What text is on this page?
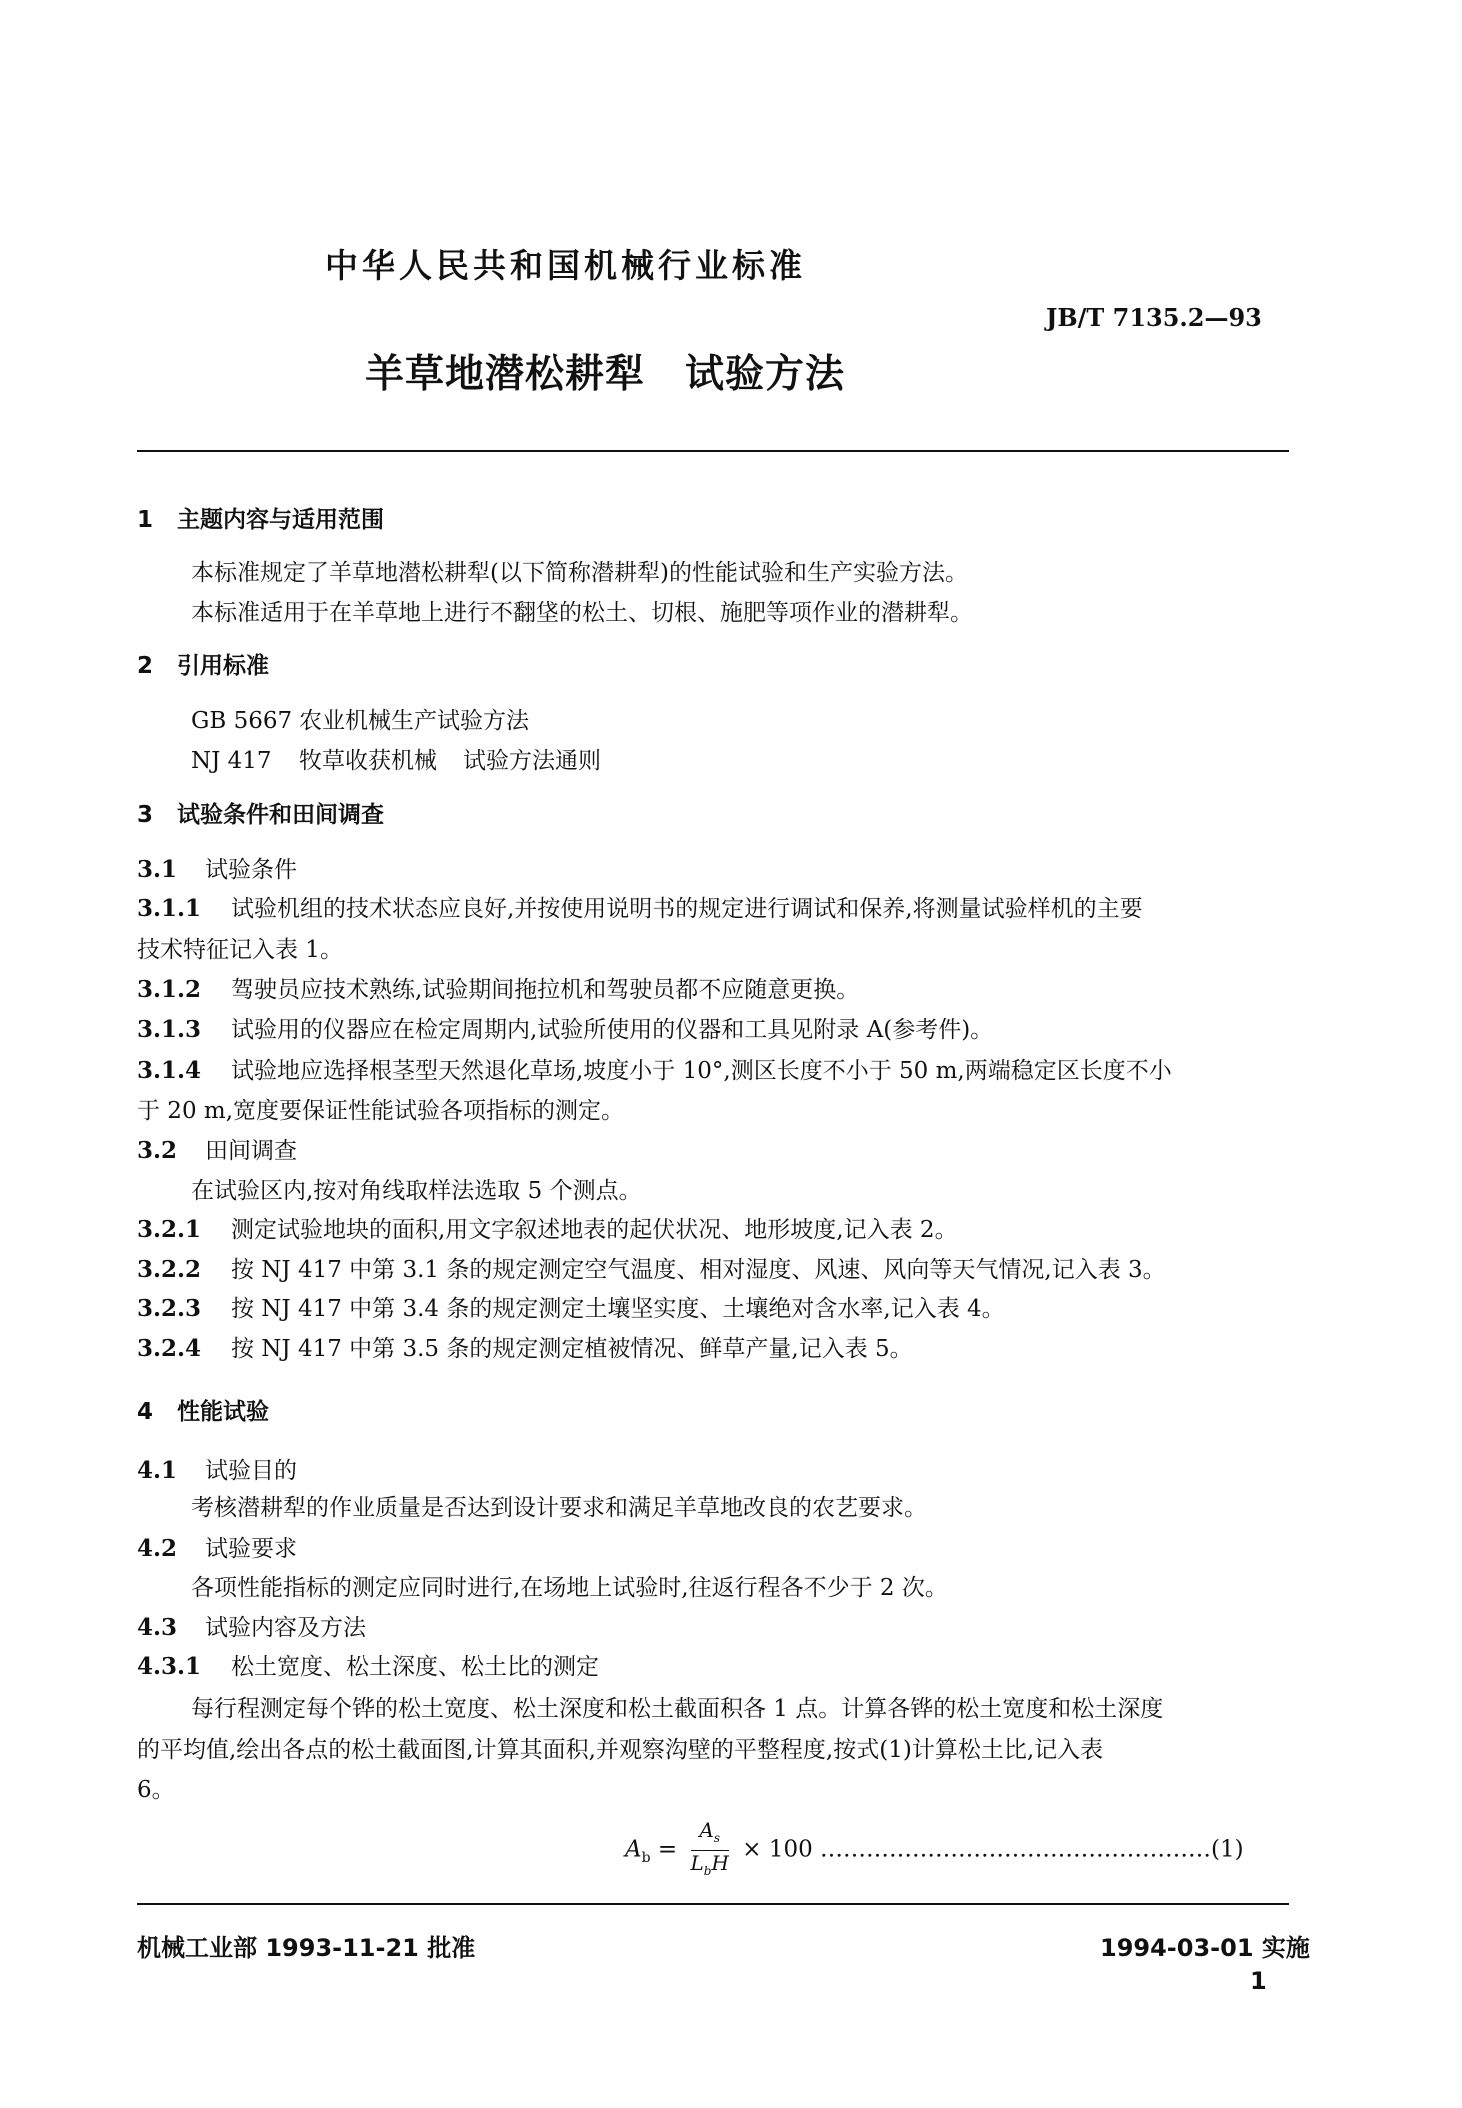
中华人民共和国机械行业标准
JB/T 7135.2—93
羊草地潜松耕犁 试验方法
1 主题内容与适用范围
本标准规定了羊草地潜松耕犁(以下简称潜耕犁)的性能试验和生产实验方法。
本标准适用于在羊草地上进行不翻垡的松土、切根、施肥等项作业的潜耕犁。
2 引用标准
GB 5667 农业机械生产试验方法
NJ 417 牧草收获机械 试验方法通则
3 试验条件和田间调查
3.1 试验条件
3.1.1 试验机组的技术状态应良好,并按使用说明书的规定进行调试和保养,将测量试验样机的主要
技术特征记入表 1。
3.1.2 驾驶员应技术熟练,试验期间拖拉机和驾驶员都不应随意更换。
3.1.3 试验用的仪器应在检定周期内,试验所使用的仪器和工具见附录 A(参考件)。
3.1.4 试验地应选择根茎型天然退化草场,坡度小于 10°,测区长度不小于 50 m,两端稳定区长度不小
于 20 m,宽度要保证性能试验各项指标的测定。
3.2 田间调查
在试验区内,按对角线取样法选取 5 个测点。
3.2.1 测定试验地块的面积,用文字叙述地表的起伏状况、地形坡度,记入表 2。
3.2.2 按 NJ 417 中第 3.1 条的规定测定空气温度、相对湿度、风速、风向等天气情况,记入表 3。
3.2.3 按 NJ 417 中第 3.4 条的规定测定土壤坚实度、土壤绝对含水率,记入表 4。
3.2.4 按 NJ 417 中第 3.5 条的规定测定植被情况、鲜草产量,记入表 5。
4 性能试验
4.1 试验目的
考核潜耕犁的作业质量是否达到设计要求和满足羊草地改良的农艺要求。
4.2 试验要求
各项性能指标的测定应同时进行,在场地上试验时,往返行程各不少于 2 次。
4.3 试验内容及方法
4.3.1 松土宽度、松土深度、松土比的测定
每行程测定每个铧的松土宽度、松土深度和松土截面积各 1 点。计算各铧的松土宽度和松土深度
的平均值,绘出各点的松土截面图,计算其面积,并观察沟壁的平整程度,按式(1)计算松土比,记入表
6。
$A_b = \frac{A_s}{L_bH} \times 100$ ……………………………………………(1)
机械工业部 1993-11-21 批准	1994-03-01 实施
1
